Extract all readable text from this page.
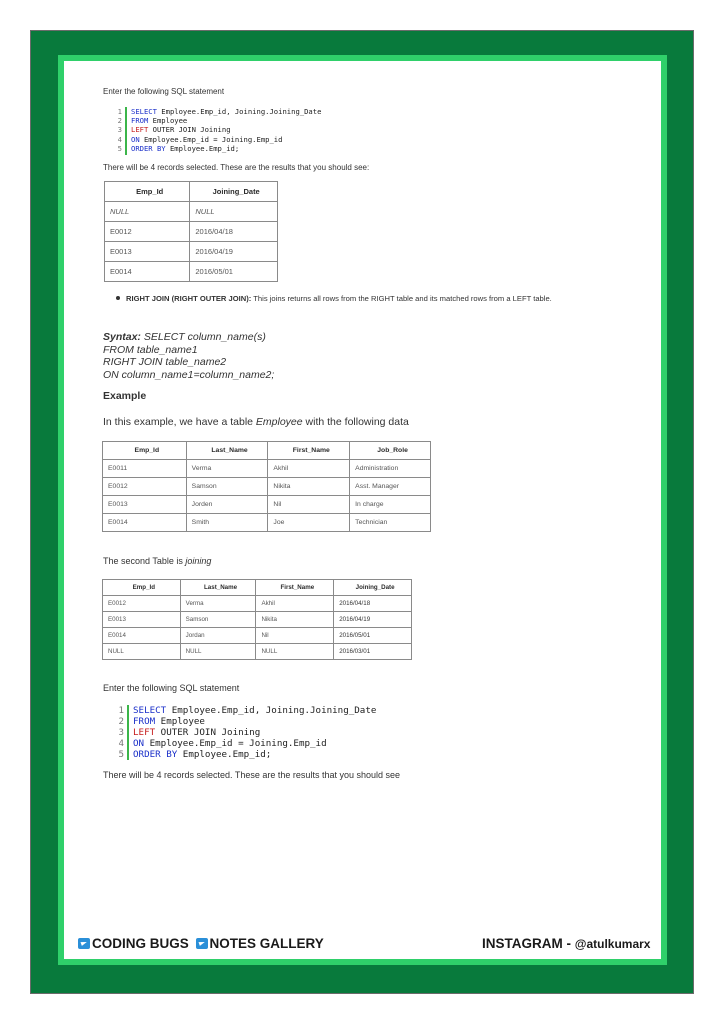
Enter the following SQL statement
1
2
3
4
5
SELECT Employee.Emp_id, Joining.Joining_Date
FROM Employee
LEFT OUTER JOIN Joining
ON Employee.Emp_id = Joining.Emp_id
ORDER BY Employee.Emp_id;
There will be 4 records selected. These are the results that you should see:
Emp_Id	Joining_Date
NULL	NULL
E0012	2016/04/18
E0013	2016/04/19
E0014	2016/05/01
RIGHT JOIN (RIGHT OUTER JOIN): This joins returns all rows from the RIGHT table and its matched rows from a LEFT table.
Syntax: SELECT column_name(s)
FROM table_name1
RIGHT JOIN table_name2
ON column_name1=column_name2;
Example
In this example, we have a table Employee with the following data
Emp_Id	Last_Name	First_Name	Job_Role
E0011	Verma	Akhil	Administration
E0012	Samson	Nikita	Asst. Manager
E0013	Jorden	Nil	In charge
E0014	Smith	Joe	Technician
The second Table is joining
Emp_Id	Last_Name	First_Name	Joining_Date
E0012	Verma	Akhil	2016/04/18
E0013	Samson	Nikita	2016/04/19
E0014	Jordan	Nil	2016/05/01
NULL	NULL	NULL	2016/03/01
Enter the following SQL statement
1
2
3
4
5
SELECT Employee.Emp_id, Joining.Joining_Date
FROM Employee
LEFT OUTER JOIN Joining
ON Employee.Emp_id = Joining.Emp_id
ORDER BY Employee.Emp_id;
There will be 4 records selected. These are the results that you should see
CODING BUGS NOTES GALLERY	INSTAGRAM - @atulkumarx
